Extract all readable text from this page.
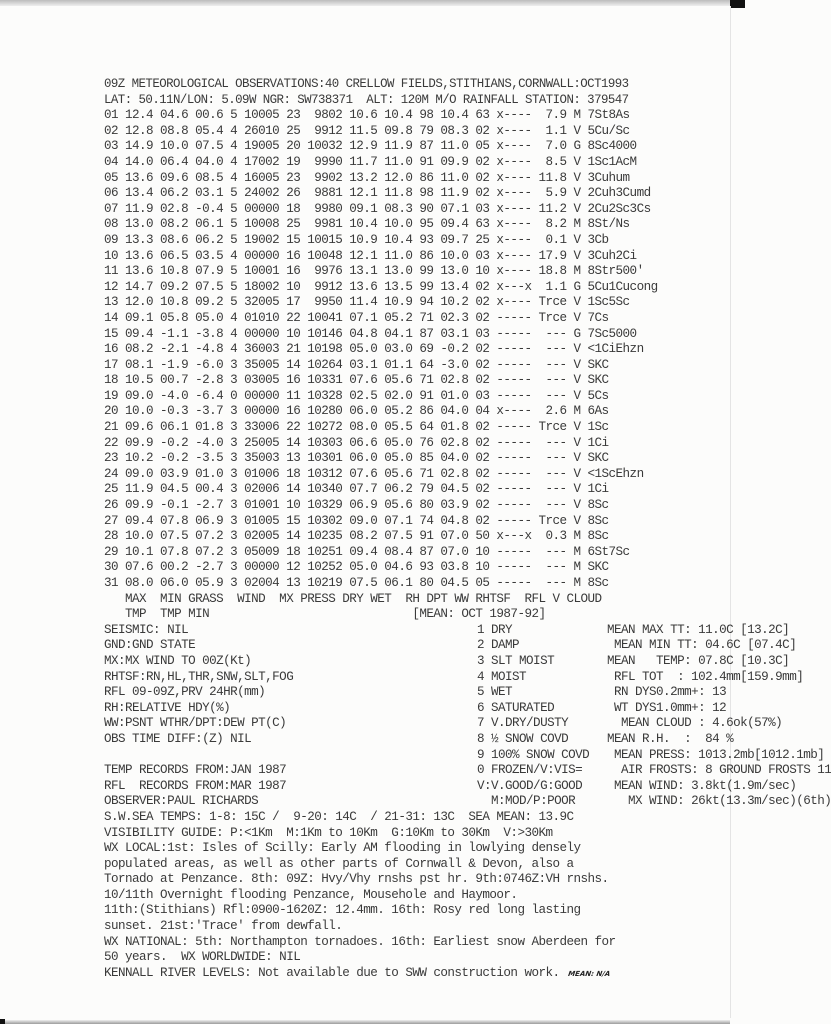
09Z METEOROLOGICAL OBSERVATIONS:40 CRELLOW FIELDS,STITHIANS,CORNWALL:OCT1993
LAT: 50.11N/LON: 5.09W NGR: SW738371  ALT: 120M M/O RAINFALL STATION: 379547
01 12.4 04.6 00.6 5 10005 23  9802 10.6 10.4 98 10.4 63 x----  7.9 M 7St8As
02 12.8 08.8 05.4 4 26010 25  9912 11.5 09.8 79 08.3 02 x----  1.1 V 5Cu/Sc
03 14.9 10.0 07.5 4 19005 20 10032 12.9 11.9 87 11.0 05 x----  7.0 G 8Sc4000
04 14.0 06.4 04.0 4 17002 19  9990 11.7 11.0 91 09.9 02 x----  8.5 V 1Sc1AcM
05 13.6 09.6 08.5 4 16005 23  9902 13.2 12.0 86 11.0 02 x---- 11.8 V 3Cuhum
06 13.4 06.2 03.1 5 24002 26  9881 12.1 11.8 98 11.9 02 x----  5.9 V 2Cuh3Cumd
07 11.9 02.8 -0.4 5 00000 18  9980 09.1 08.3 90 07.1 03 x---- 11.2 V 2Cu2Sc3Cs
08 13.0 08.2 06.1 5 10008 25  9981 10.4 10.0 95 09.4 63 x----  8.2 M 8St/Ns
09 13.3 08.6 06.2 5 19002 15 10015 10.9 10.4 93 09.7 25 x----  0.1 V 3Cb
10 13.6 06.5 03.5 4 00000 16 10048 12.1 11.0 86 10.0 03 x---- 17.9 V 3Cuh2Ci
11 13.6 10.8 07.9 5 10001 16  9976 13.1 13.0 99 13.0 10 x---- 18.8 M 8Str500'
12 14.7 09.2 07.5 5 18002 10  9912 13.6 13.5 99 13.4 02 x---x  1.1 G 5Cu1Cucong
13 12.0 10.8 09.2 5 32005 17  9950 11.4 10.9 94 10.2 02 x---- Trce V 1Sc5Sc
14 09.1 05.8 05.0 4 01010 22 10041 07.1 05.2 71 02.3 02 ----- Trce V 7Cs
15 09.4 -1.1 -3.8 4 00000 10 10146 04.8 04.1 87 03.1 03 -----  --- G 7Sc5000
16 08.2 -2.1 -4.8 4 36003 21 10198 05.0 03.0 69 -0.2 02 -----  --- V <1CiEhzn
17 08.1 -1.9 -6.0 3 35005 14 10264 03.1 01.1 64 -3.0 02 -----  --- V SKC
18 10.5 00.7 -2.8 3 03005 16 10331 07.6 05.6 71 02.8 02 -----  --- V SKC
19 09.0 -4.0 -6.4 0 00000 11 10328 02.5 02.0 91 01.0 03 -----  --- V 5Cs
20 10.0 -0.3 -3.7 3 00000 16 10280 06.0 05.2 86 04.0 04 x----  2.6 M 6As
21 09.6 06.1 01.8 3 33006 22 10272 08.0 05.5 64 01.8 02 ----- Trce V 1Sc
22 09.9 -0.2 -4.0 3 25005 14 10303 06.6 05.0 76 02.8 02 -----  --- V 1Ci
23 10.2 -0.2 -3.5 3 35003 13 10301 06.0 05.0 85 04.0 02 -----  --- V SKC
24 09.0 03.9 01.0 3 01006 18 10312 07.6 05.6 71 02.8 02 -----  --- V <1ScEhzn
25 11.9 04.5 00.4 3 02006 14 10340 07.7 06.2 79 04.5 02 -----  --- V 1Ci
26 09.9 -0.1 -2.7 3 01001 10 10329 06.9 05.6 80 03.9 02 -----  --- V 8Sc
27 09.4 07.8 06.9 3 01005 15 10302 09.0 07.1 74 04.8 02 ----- Trce V 8Sc
28 10.0 07.5 07.2 3 02005 14 10235 08.2 07.5 91 07.0 50 x---x  0.3 M 8Sc
29 10.1 07.8 07.2 3 05009 18 10251 09.4 08.4 87 07.0 10 -----  --- M 6St7Sc
30 07.6 00.2 -2.7 3 00000 12 10252 05.0 04.6 93 03.8 10 -----  --- M SKC
31 08.0 06.0 05.9 3 02004 13 10219 07.5 06.1 80 04.5 05 -----  --- M 8Sc
MAX  MIN GRASS  WIND  MX PRESS DRY WET  RH DPT WW RHTSF  RFL V CLOUD
TMP  TMP MIN                             [MEAN: OCT 1987-92]
SEISMIC: NIL	1 DRY	MEAN MAX TT: 11.0C [13.2C]
GND:GND STATE	2 DAMP	MEAN MIN TT: 04.6C [07.4C]
MX:MX WIND TO 00Z(Kt)	3 SLT MOIST	MEAN   TEMP: 07.8C [10.3C]
RHTSF:RN,HL,THR,SNW,SLT,FOG	4 MOIST	RFL TOT  : 102.4mm[159.9mm]
RFL 09-09Z,PRV 24HR(mm)	5 WET	RN DYS0.2mm+: 13
RH:RELATIVE HDY(%)	6 SATURATED	WT DYS1.0mm+: 12
WW:PSNT WTHR/DPT:DEW PT(C)	7 V.DRY/DUSTY	MEAN CLOUD : 4.6ok(57%)
OBS TIME DIFF:(Z) NIL	8 ½ SNOW COVD	MEAN R.H.  :  84 %
9 100% SNOW COVD MEAN PRESS: 1013.2mb[1012.1mb]
TEMP RECORDS FROM:JAN 1987	0 FROZEN/V:VIS= AIR FROSTS: 8 GROUND FROSTS 11
RFL  RECORDS FROM:MAR 1987	V:V.GOOD/G:GOOD MEAN WIND: 3.8kt(1.9m/sec)
OBSERVER:PAUL RICHARDS	M:MOD/P:POOR	MX WIND: 26kt(13.3m/sec)(6th)
S.W.SEA TEMPS: 1-8: 15C /  9-20: 14C  / 21-31: 13C  SEA MEAN: 13.9C
VISIBILITY GUIDE: P:<1Km  M:1Km to 10Km  G:10Km to 30Km  V:>30Km
WX LOCAL:1st: Isles of Scilly: Early AM flooding in lowlying densely
populated areas, as well as other parts of Cornwall & Devon, also a
Tornado at Penzance. 8th: 09Z: Hvy/Vhy rnshs pst hr. 9th:0746Z:VH rnshs.
10/11th Overnight flooding Penzance, Mousehole and Haymoor.
11th:(Stithians) Rfl:0900-1620Z: 12.4mm. 16th: Rosy red long lasting
sunset. 21st:'Trace' from dewfall.
WX NATIONAL: 5th: Northampton tornadoes. 16th: Earliest snow Aberdeen for
50 years.  WX WORLDWIDE: NIL
KENNALL RIVER LEVELS: Not available due to SWW construction work. MEAN: N/A
